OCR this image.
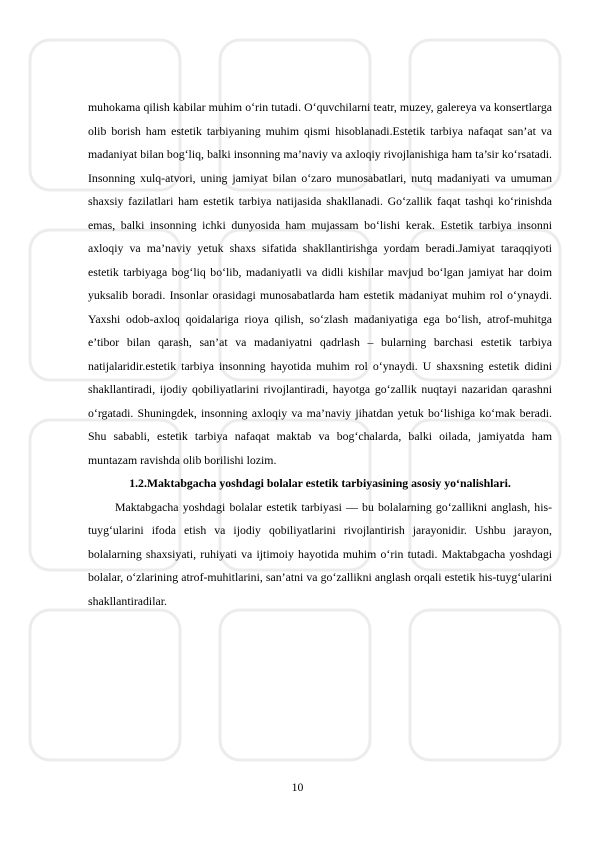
muhokama qilish kabilar muhim o‘rin tutadi. O‘quvchilarni teatr, muzey, galereya va konsertlarga olib borish ham estetik tarbiyaning muhim qismi hisoblanadi.Estetik tarbiya nafaqat san’at va madaniyat bilan bog‘liq, balki insonning ma’naviy va axloqiy rivojlanishiga ham ta’sir ko‘rsatadi. Insonning xulq-atvori, uning jamiyat bilan o‘zaro munosabatlari, nutq madaniyati va umuman shaxsiy fazilatlari ham estetik tarbiya natijasida shakllanadi. Go‘zallik faqat tashqi ko‘rinishda emas, balki insonning ichki dunyosida ham mujassam bo‘lishi kerak. Estetik tarbiya insonni axloqiy va ma’naviy yetuk shaxs sifatida shakllantirishga yordam beradi.Jamiyat taraqqiyoti estetik tarbiyaga bog‘liq bo‘lib, madaniyatli va didli kishilar mavjud bo‘lgan jamiyat har doim yuksalib boradi. Insonlar orasidagi munosabatlarda ham estetik madaniyat muhim rol o‘ynaydi. Yaxshi odob-axloq qoidalariga rioya qilish, so‘zlash madaniyatiga ega bo‘lish, atrof-muhitga e’tibor bilan qarash, san’at va madaniyatni qadrlash – bularning barchasi estetik tarbiya natijalaridir.estetik tarbiya insonning hayotida muhim rol o‘ynaydi. U shaxsning estetik didini shakllantiradi, ijodiy qobiliyatlarini rivojlantiradi, hayotga go‘zallik nuqtayi nazaridan qarashni o‘rgatadi. Shuningdek, insonning axloqiy va ma’naviy jihatdan yetuk bo‘lishiga ko‘mak beradi. Shu sababli, estetik tarbiya nafaqat maktab va bog‘chalarda, balki oilada, jamiyatda ham muntazam ravishda olib borilishi lozim.

1.2.Maktabgacha yoshdagi bolalar estetik tarbiyasining asosiy yo‘nalishlari.

Maktabgacha yoshdagi bolalar estetik tarbiyasi — bu bolalarning go‘zallikni anglash, his-tuyg‘ularini ifoda etish va ijodiy qobiliyatlarini rivojlantirish jarayonidir. Ushbu jarayon, bolalarning shaxsiyati, ruhiyati va ijtimoiy hayotida muhim o‘rin tutadi. Maktabgacha yoshdagi bolalar, o‘zlarining atrof-muhitlarini, san’atni va go‘zallikni anglash orqali estetik his-tuyg‘ularini shakllantiradilar.

10
